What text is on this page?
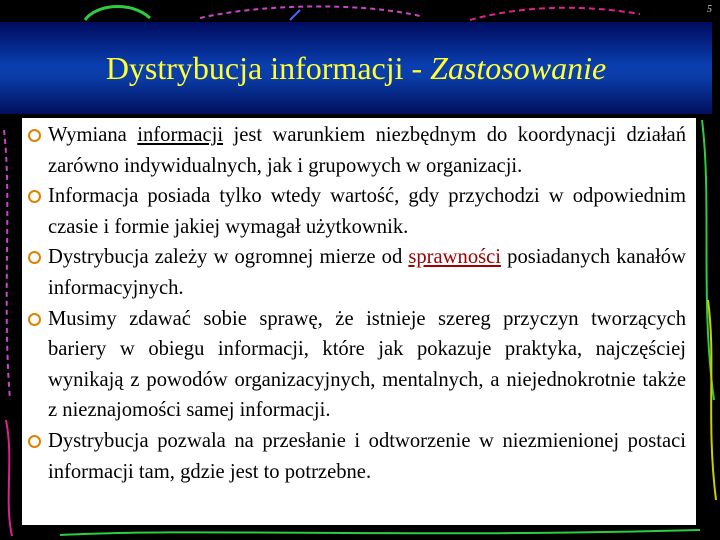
5
Dystrybucja informacji - Zastosowanie
Wymiana informacji jest warunkiem niezbędnym do koordynacji działań zarówno indywidualnych, jak i grupowych w organizacji.
Informacja posiada tylko wtedy wartość, gdy przychodzi w odpowiednim czasie i formie jakiej wymagał użytkownik.
Dystrybucja zależy w ogromnej mierze od sprawności posiadanych kanałów informacyjnych.
Musimy zdawać sobie sprawę, że istnieje szereg przyczyn tworzących bariery w obiegu informacji, które jak pokazuje praktyka, najczęściej wynikają z powodów organizacyjnych, mentalnych, a niejednokrotnie także z nieznajomości samej informacji.
Dystrybucja pozwala na przesłanie i odtworzenie w niezmienionej postaci informacji tam, gdzie jest to potrzebne.
